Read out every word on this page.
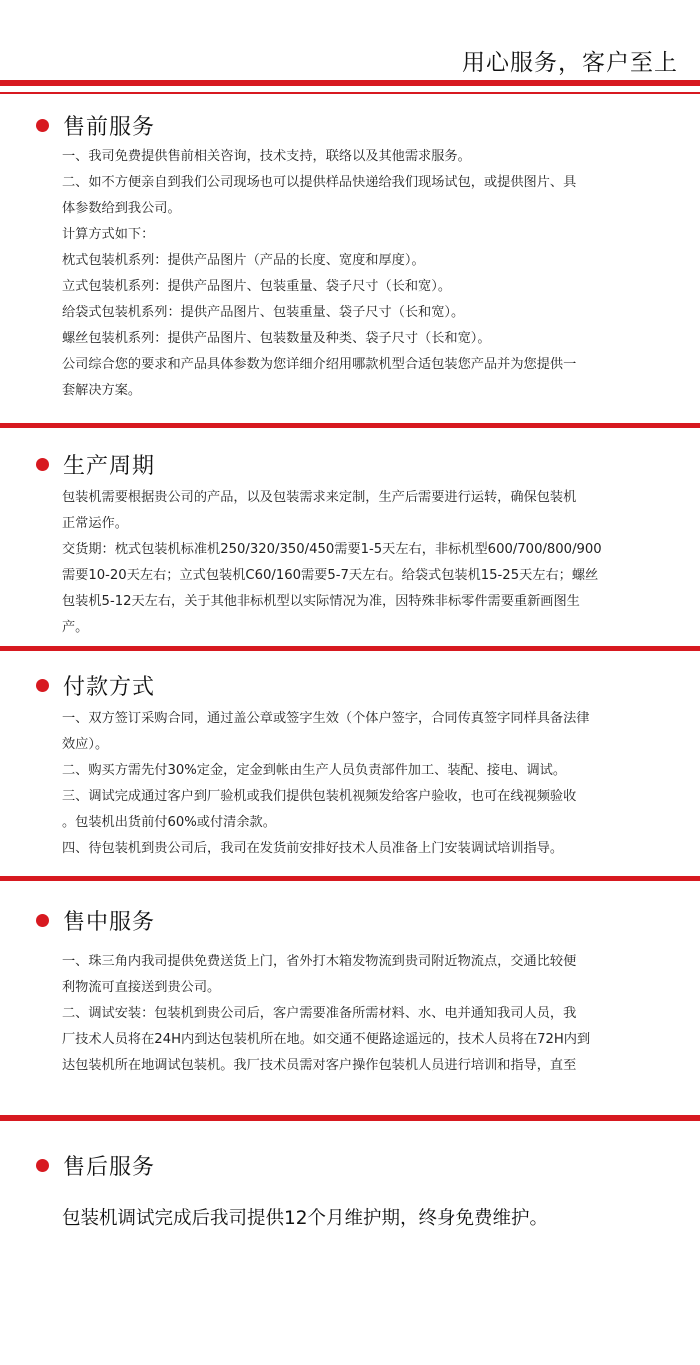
用心服务，客户至上
售前服务

一、我司免费提供售前相关咨询，技术支持，联络以及其他需求服务。

二、如不方便亲自到我们公司现场也可以提供样品快递给我们现场试包，或提供图片、具

体参数给到我公司。

计算方式如下：

枕式包装机系列：提供产品图片（产品的长度、宽度和厚度）。

立式包装机系列：提供产品图片、包装重量、袋子尺寸（长和宽）。

给袋式包装机系列：提供产品图片、包装重量、袋子尺寸（长和宽）。

螺丝包装机系列：提供产品图片、包装数量及种类、袋子尺寸（长和宽）。

公司综合您的要求和产品具体参数为您详细介绍用哪款机型合适包装您产品并为您提供一

套解决方案。

生产周期

包装机需要根据贵公司的产品，以及包装需求来定制，生产后需要进行运转，确保包装机

正常运作。

交货期：枕式包装机标准机250/320/350/450需要1-5天左右，非标机型600/700/800/900

需要10-20天左右；立式包装机C60/160需要5-7天左右。给袋式包装机15-25天左右；螺丝

包装机5-12天左右，关于其他非标机型以实际情况为准，因特殊非标零件需要重新画图生

产。

付款方式

一、双方签订采购合同，通过盖公章或签字生效（个体户签字，合同传真签字同样具备法律

效应）。

二、购买方需先付30%定金，定金到帐由生产人员负责部件加工、装配、接电、调试。

三、调试完成通过客户到厂验机或我们提供包装机视频发给客户验收，也可在线视频验收

。包装机出货前付60%或付清余款。

四、待包装机到贵公司后，我司在发货前安排好技术人员准备上门安装调试培训指导。

售中服务

一、珠三角内我司提供免费送货上门，省外打木箱发物流到贵司附近物流点，交通比较便

利物流可直接送到贵公司。

二、调试安装：包装机到贵公司后，客户需要准备所需材料、水、电并通知我司人员，我

厂技术人员将在24H内到达包装机所在地。如交通不便路途遥远的，技术人员将在72H内到

达包装机所在地调试包装机。我厂技术员需对客户操作包装机人员进行培训和指导，直至

售后服务

包装机调试完成后我司提供12个月维护期，终身免费维护。
